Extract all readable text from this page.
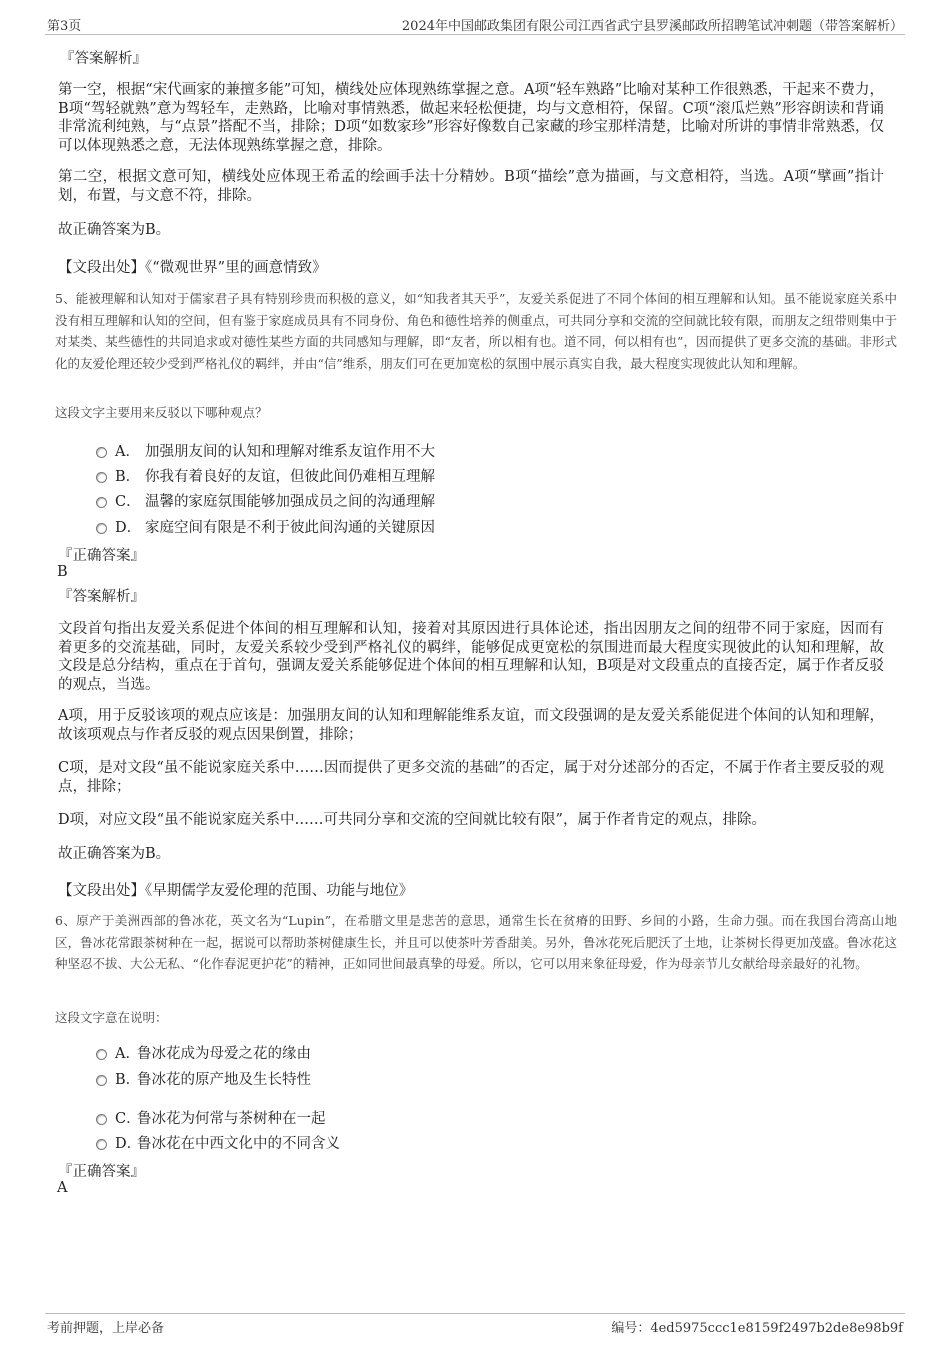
第3页	2024年中国邮政集团有限公司江西省武宁县罗溪邮政所招聘笔试冲刺题（带答案解析）
『答案解析』
第一空，根据“宋代画家的兼擅多能”可知，横线处应体现熟练掌握之意。A项“轻车熟路”比喻对某种工作很熟悉，干起来不费力，B项“驾轻就熟”意为驾轻车，走熟路，比喻对事情熟悉，做起来轻松便捷，均与文意相符，保留。C项“滚瓜烂熟”形容朗读和背诵非常流利纯熟，与“点景”搭配不当，排除；D项“如数家珍”形容好像数自己家藏的珍宝那样清楚，比喻对所讲的事情非常熟悉，仅可以体现熟悉之意，无法体现熟练掌握之意，排除。
第二空，根据文意可知，横线处应体现王希孟的绘画手法十分精妙。B项“描绘”意为描画，与文意相符，当选。A项“擘画”指计划，布置，与文意不符，排除。
故正确答案为B。
【文段出处】《“微观世界”里的画意情致》
5、能被理解和认知对于儒家君子具有特别珍贵而积极的意义，如“知我者其天乎”，友爱关系促进了不同个体间的相互理解和认知。虽不能说家庭关系中没有相互理解和认知的空间，但有鉴于家庭成员具有不同身份、角色和德性培养的侧重点，可共同分享和交流的空间就比较有限，而朋友之纽带则集中于对某类、某些德性的共同追求或对德性某些方面的共同感知与理解，即“友者，所以相有也。道不同，何以相有也”，因而提供了更多交流的基础。非形式化的友爱伦理还较少受到严格礼仪的羁绊，并由“信”维系，朋友们可在更加宽松的氛围中展示真实自我，最大程度实现彼此认知和理解。
这段文字主要用来反驳以下哪种观点？
A． 加强朋友间的认知和理解对维系友谊作用不大
B． 你我有着良好的友谊，但彼此间仍难相互理解
C． 温馨的家庭氛围能够加强成员之间的沟通理解
D． 家庭空间有限是不利于彼此间沟通的关键原因
『正确答案』
B
『答案解析』
文段首句指出友爱关系促进个体间的相互理解和认知，接着对其原因进行具体论述，指出因朋友之间的纽带不同于家庭，因而有着更多的交流基础，同时，友爱关系较少受到严格礼仪的羁绊，能够促成更宽松的氛围进而最大程度实现彼此的认知和理解，故文段是总分结构，重点在于首句，强调友爱关系能够促进个体间的相互理解和认知，B项是对文段重点的直接否定，属于作者反驳的观点，当选。
A项，用于反驳该项的观点应该是：加强朋友间的认知和理解能维系友谊，而文段强调的是友爱关系能促进个体间的认知和理解，故该项观点与作者反驳的观点因果倒置，排除；
C项，是对文段“虽不能说家庭关系中……因而提供了更多交流的基础”的否定，属于对分述部分的否定，不属于作者主要反驳的观点，排除；
D项，对应文段“虽不能说家庭关系中……可共同分享和交流的空间就比较有限”，属于作者肯定的观点，排除。
故正确答案为B。
【文段出处】《早期儒学友爱伦理的范围、功能与地位》
6、原产于美洲西部的鲁冰花，英文名为“Lupin”，在希腊文里是悲苦的意思，通常生长在贫瘠的田野、乡间的小路，生命力强。而在我国台湾高山地区，鲁冰花常跟茶树种在一起，据说可以帮助茶树健康生长，并且可以使茶叶芳香甜美。另外，鲁冰花死后肥沃了土地，让茶树长得更加茂盛。鲁冰花这种坚忍不拔、大公无私、“化作春泥更护花”的精神，正如同世间最真挚的母爱。所以，它可以用来象征母爱，作为母亲节儿女献给母亲最好的礼物。
这段文字意在说明：
A．
鲁冰花成为母爱之花的缘由
B．
鲁冰花的原产地及生长特性
C．
鲁冰花为何常与茶树种在一起
D．
鲁冰花在中西文化中的不同含义
『正确答案』
A
考前押题，上岸必备	编号：4ed5975ccc1e8159f2497b2de8e98b9f
